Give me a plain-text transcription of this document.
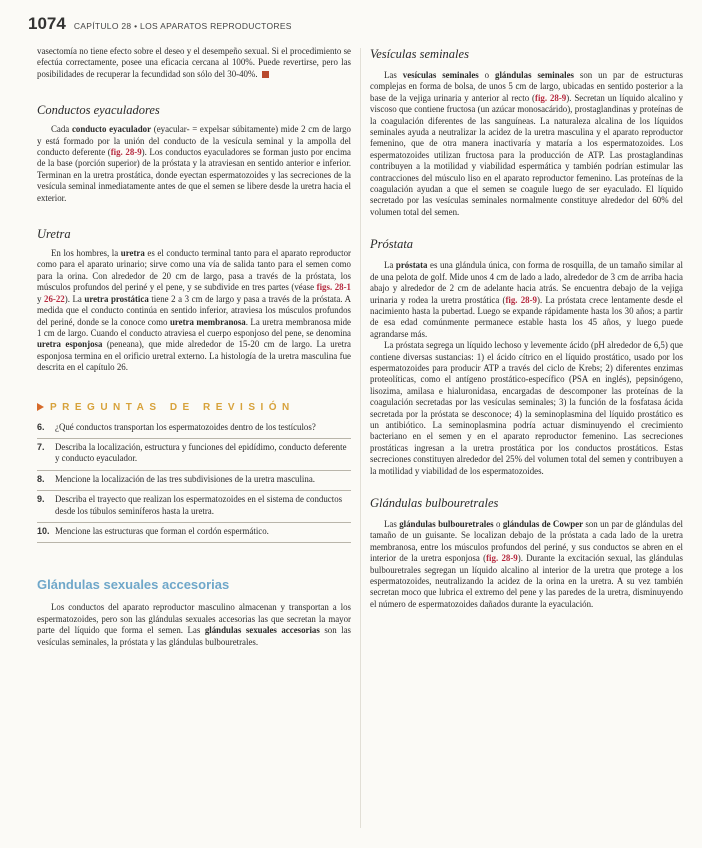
1074 CAPÍTULO 28 • LOS APARATOS REPRODUCTORES

vasectomía no tiene efecto sobre el deseo y el desempeño sexual. Si el procedimiento se efectúa correctamente, posee una eficacia cercana al 100%. Puede revertirse, pero las posibilidades de recuperar la fecundidad son sólo del 30-40%.

Conductos eyaculadores

Cada conducto eyaculador (eyacular- = expelsar súbitamente) mide 2 cm de largo y está formado por la unión del conducto de la vesícula seminal y la ampolla del conducto deferente (fig. 28-9). Los conductos eyaculadores se forman justo por encima de la base (porción superior) de la próstata y la atraviesan en sentido anterior e inferior. Terminan en la uretra prostática, donde eyectan espermatozoides y las secreciones de la vesícula seminal inmediatamente antes de que el semen se libere desde la uretra hacia el exterior.

Uretra

En los hombres, la uretra es el conducto terminal tanto para el aparato reproductor como para el aparato urinario; sirve como una vía de salida tanto para el semen como para la orina. Con alrededor de 20 cm de largo, pasa a través de la próstata, los músculos profundos del periné y el pene, y se subdivide en tres partes (véase figs. 28-1 y 26-22). La uretra prostática tiene 2 a 3 cm de largo y pasa a través de la próstata. A medida que el conducto continúa en sentido inferior, atraviesa los músculos profundos del periné, donde se la conoce como uretra membranosa. La uretra membranosa mide 1 cm de largo. Cuando el conducto atraviesa el cuerpo esponjoso del pene, se denomina uretra esponjosa (peneana), que mide alrededor de 15-20 cm de largo. La uretra esponjosa termina en el orificio uretral externo. La histología de la uretra masculina fue descrita en el capítulo 26.

PREGUNTAS DE REVISIÓN
6.	¿Qué conductos transportan los espermatozoides dentro de los testículos?
7.	Describa la localización, estructura y funciones del epidídimo, conducto deferente y conducto eyaculador.
8.	Mencione la localización de las tres subdivisiones de la uretra masculina.
9.	Describa el trayecto que realizan los espermatozoides en el sistema de conductos desde los túbulos seminíferos hasta la uretra.
10. Mencione las estructuras que forman el cordón espermático.
Glándulas sexuales accesorias

Los conductos del aparato reproductor masculino almacenan y transportan a los espermatozoides, pero son las glándulas sexuales accesorias las que secretan la mayor parte del líquido que forma el semen. Las glándulas sexuales accesorias son las vesículas seminales, la próstata y las glándulas bulbouretrales.

Vesículas seminales

Las vesículas seminales o glándulas seminales son un par de estructuras complejas en forma de bolsa, de unos 5 cm de largo, ubicadas en sentido posterior a la base de la vejiga urinaria y anterior al recto (fig. 28-9). Secretan un líquido alcalino y viscoso que contiene fructosa (un azúcar monosacárido), prostaglandinas y proteínas de la coagulación diferentes de las sanguíneas. La naturaleza alcalina de los líquidos seminales ayuda a neutralizar la acidez de la uretra masculina y el aparato reproductor femenino, que de otra manera inactivaría y mataría a los espermatozoides. Los espermatozoides utilizan fructosa para la producción de ATP. Las prostaglandinas contribuyen a la motilidad y viabilidad espermática y también podrían estimular las contracciones del músculo liso en el aparato reproductor femenino. Las proteínas de la coagulación ayudan a que el semen se coagule luego de ser eyaculado. El líquido secretado por las vesículas seminales normalmente constituye alrededor del 60% del volumen total del semen.

Próstata

La próstata es una glándula única, con forma de rosquilla, de un tamaño similar al de una pelota de golf. Mide unos 4 cm de lado a lado, alrededor de 3 cm de arriba hacia abajo y alrededor de 2 cm de adelante hacia atrás. Se encuentra debajo de la vejiga urinaria y rodea la uretra prostática (fig. 28-9). La próstata crece lentamente desde el nacimiento hasta la pubertad. Luego se expande rápidamente hasta los 30 años; a partir de esa edad comúnmente permanece estable hasta los 45 años, y luego puede agrandarse más.

La próstata segrega un líquido lechoso y levemente ácido (pH alrededor de 6,5) que contiene diversas sustancias: 1) el ácido cítrico en el líquido prostático, usado por los espermatozoides para producir ATP a través del ciclo de Krebs; 2) diferentes enzimas proteolíticas, como el antígeno prostático-específico (PSA en inglés), pepsinógeno, lisozima, amilasa e hialuronidasa, encargadas de descomponer las proteínas de la coagulación secretadas por las vesículas seminales; 3) la función de la fosfatasa ácida secretada por la próstata se desconoce; 4) la seminoplasmina del líquido prostático es un antibiótico. La seminoplasmina podría actuar disminuyendo el crecimiento bacteriano en el semen y en el aparato reproductor femenino. Las secreciones prostáticas ingresan a la uretra prostática por los conductos prostáticos. Estas secreciones constituyen alrededor del 25% del volumen total del semen y contribuyen a la motilidad y viabilidad de los espermatozoides.

Glándulas bulbouretrales

Las glándulas bulbouretrales o glándulas de Cowper son un par de glándulas del tamaño de un guisante. Se localizan debajo de la próstata a cada lado de la uretra membranosa, entre los músculos profundos del periné, y sus conductos se abren en el interior de la uretra esponjosa (fig. 28-9). Durante la excitación sexual, las glándulas bulbouretrales segregan un líquido alcalino al interior de la uretra que protege a los espermatozoides, neutralizando la acidez de la orina en la uretra. A su vez también secretan moco que lubrica el extremo del pene y las paredes de la uretra, disminuyendo el número de espermatozoides dañados durante la eyaculación.
